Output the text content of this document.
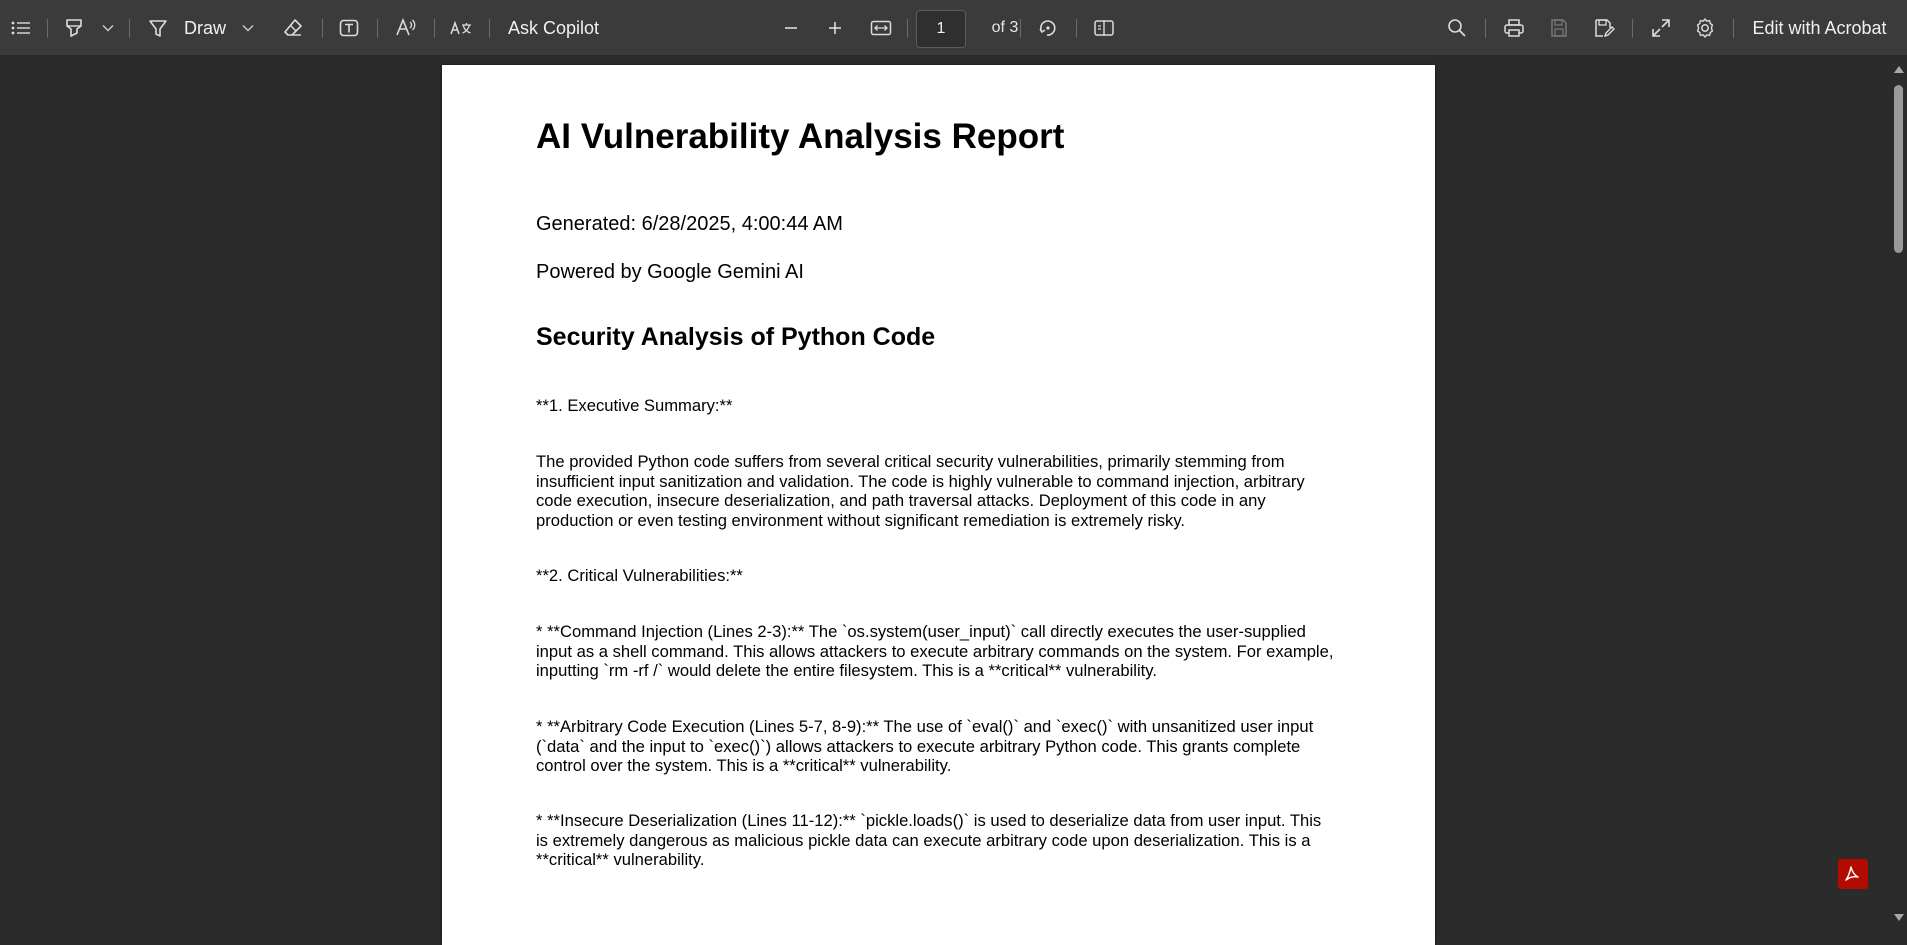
Draw	Ask Copilot	1	of 3	Edit with Acrobat
AI Vulnerability Analysis Report
Generated: 6/28/2025, 4:00:44 AM
Powered by Google Gemini AI
Security Analysis of Python Code
**1. Executive Summary:**
The provided Python code suffers from several critical security vulnerabilities, primarily stemming from
insufficient input sanitization and validation. The code is highly vulnerable to command injection, arbitrary
code execution, insecure deserialization, and path traversal attacks. Deployment of this code in any
production or even testing environment without significant remediation is extremely risky.
**2. Critical Vulnerabilities:**
* **Command Injection (Lines 2-3):** The `os.system(user_input)` call directly executes the user-supplied
input as a shell command. This allows attackers to execute arbitrary commands on the system. For example,
inputting `rm -rf /` would delete the entire filesystem. This is a **critical** vulnerability.
* **Arbitrary Code Execution (Lines 5-7, 8-9):** The use of `eval()` and `exec()` with unsanitized user input
(`data` and the input to `exec()`) allows attackers to execute arbitrary Python code. This grants complete
control over the system. This is a **critical** vulnerability.
* **Insecure Deserialization (Lines 11-12):** `pickle.loads()` is used to deserialize data from user input. This
is extremely dangerous as malicious pickle data can execute arbitrary code upon deserialization. This is a
**critical** vulnerability.
